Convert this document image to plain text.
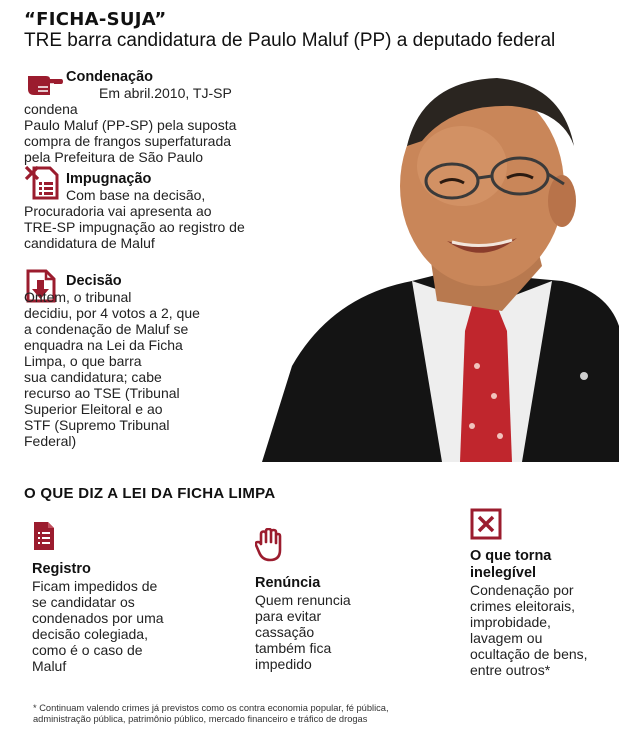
“FICHA-SUJA”
TRE barra candidatura de Paulo Maluf (PP) a deputado federal
Condenação
Em abril.2010, TJ-SP condena
Paulo Maluf (PP-SP) pela suposta
compra de frangos superfaturada
pela Prefeitura de São Paulo
Impugnação
Com base na decisão,
Procuradoria vai apresenta ao
TRE-SP impugnação ao registro de
candidatura de Maluf
Decisão
Ontem, o tribunal
decidiu, por 4 votos a 2, que
a condenação de Maluf se
enquadra na Lei da Ficha
Limpa, o que barra
sua candidatura; cabe
recurso ao TSE (Tribunal
Superior Eleitoral e ao
STF (Supremo Tribunal
Federal)
O QUE DIZ A LEI DA FICHA LIMPA
Registro
Ficam impedidos de
se candidatar os
condenados por uma
decisão colegiada,
como é o caso de
Maluf
Renúncia
Quem renuncia
para evitar
cassação
também fica
impedido
O que torna
inelegível
Condenação por
crimes eleitorais,
improbidade,
lavagem ou
ocultação de bens,
entre outros*
* Continuam valendo crimes já previstos como os contra economia popular, fé pública,
administração pública, patrimônio público, mercado financeiro e tráfico de drogas
